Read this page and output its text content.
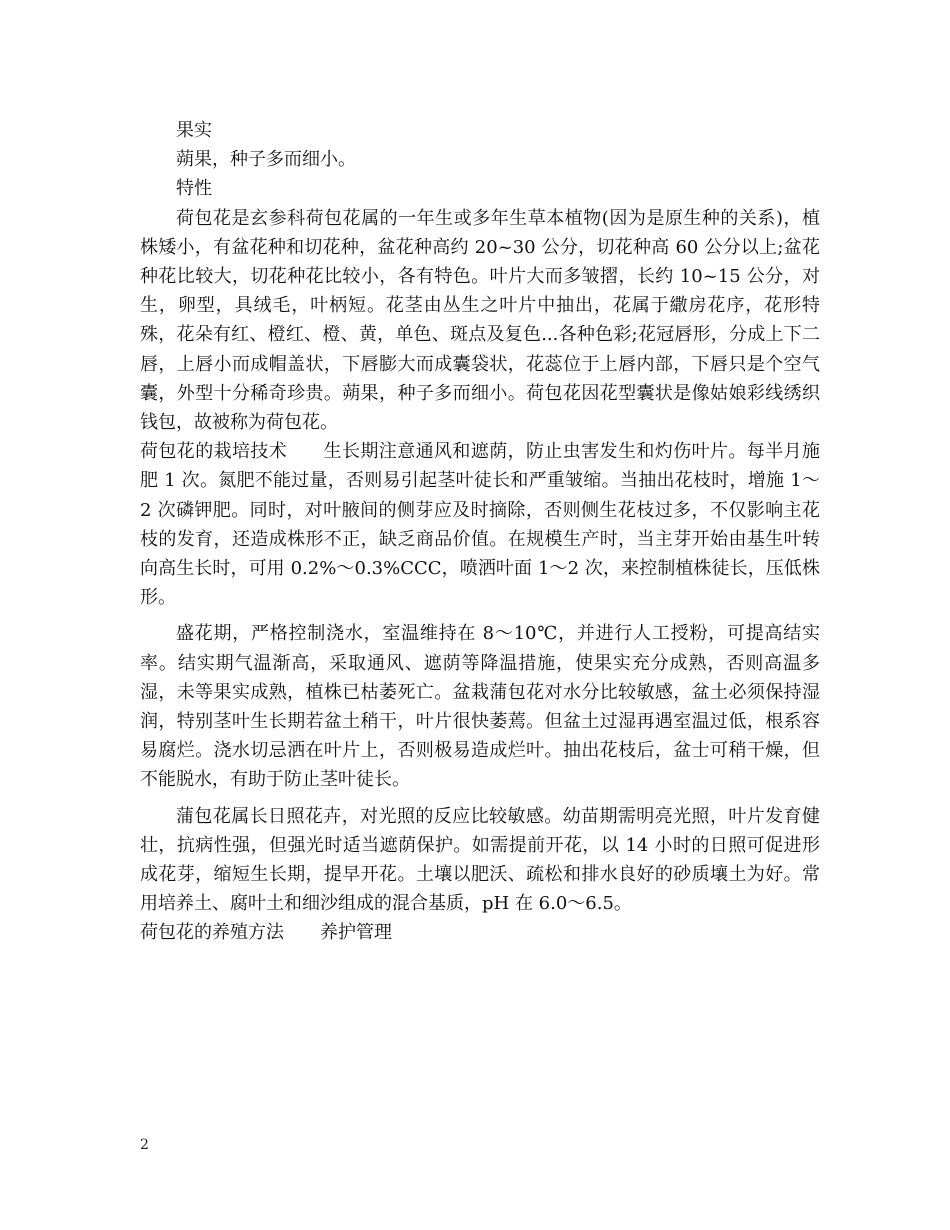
果实

蒴果，种子多而细小。

特性

荷包花是玄参科荷包花属的一年生或多年生草本植物(因为是原生种的关系)，植株矮小，有盆花种和切花种，盆花种高约 20~30 公分，切花种高 60 公分以上;盆花种花比较大，切花种花比较小，各有特色。叶片大而多皱摺，长约 10~15 公分，对生，卵型，具绒毛，叶柄短。花茎由丛生之叶片中抽出，花属于繖房花序，花形特殊，花朵有红、橙红、橙、黄，单色、斑点及复色...各种色彩;花冠唇形，分成上下二唇，上唇小而成帽盖状，下唇膨大而成囊袋状，花蕊位于上唇内部，下唇只是个空气囊，外型十分稀奇珍贵。蒴果，种子多而细小。荷包花因花型囊状是像姑娘彩线绣织钱包，故被称为荷包花。

荷包花的栽培技术 生长期注意通风和遮荫，防止虫害发生和灼伤叶片。每半月施肥 1 次。氮肥不能过量，否则易引起茎叶徒长和严重皱缩。当抽出花枝时，增施 1～2 次磷钾肥。同时，对叶腋间的侧芽应及时摘除，否则侧生花枝过多，不仅影响主花枝的发育，还造成株形不正，缺乏商品价值。在规模生产时，当主芽开始由基生叶转向高生长时，可用 0.2%～0.3%CCC，喷洒叶面 1～2 次，来控制植株徒长，压低株形。

盛花期，严格控制浇水，室温维持在 8～10℃，并进行人工授粉，可提高结实率。结实期气温渐高，采取通风、遮荫等降温措施，使果实充分成熟，否则高温多湿，未等果实成熟，植株已枯萎死亡。盆栽蒲包花对水分比较敏感，盆土必须保持湿润，特别茎叶生长期若盆土稍干，叶片很快萎蔫。但盆土过湿再遇室温过低，根系容易腐烂。浇水切忌洒在叶片上，否则极易造成烂叶。抽出花枝后，盆士可稍干燥，但不能脱水，有助于防止茎叶徒长。

蒲包花属长日照花卉，对光照的反应比较敏感。幼苗期需明亮光照，叶片发育健壮，抗病性强，但强光时适当遮荫保护。如需提前开花，以 14 小时的日照可促进形成花芽，缩短生长期，提早开花。土壤以肥沃、疏松和排水良好的砂质壤土为好。常用培养土、腐叶土和细沙组成的混合基质，pH 在 6.0～6.5。

荷包花的养殖方法 养护管理

2
